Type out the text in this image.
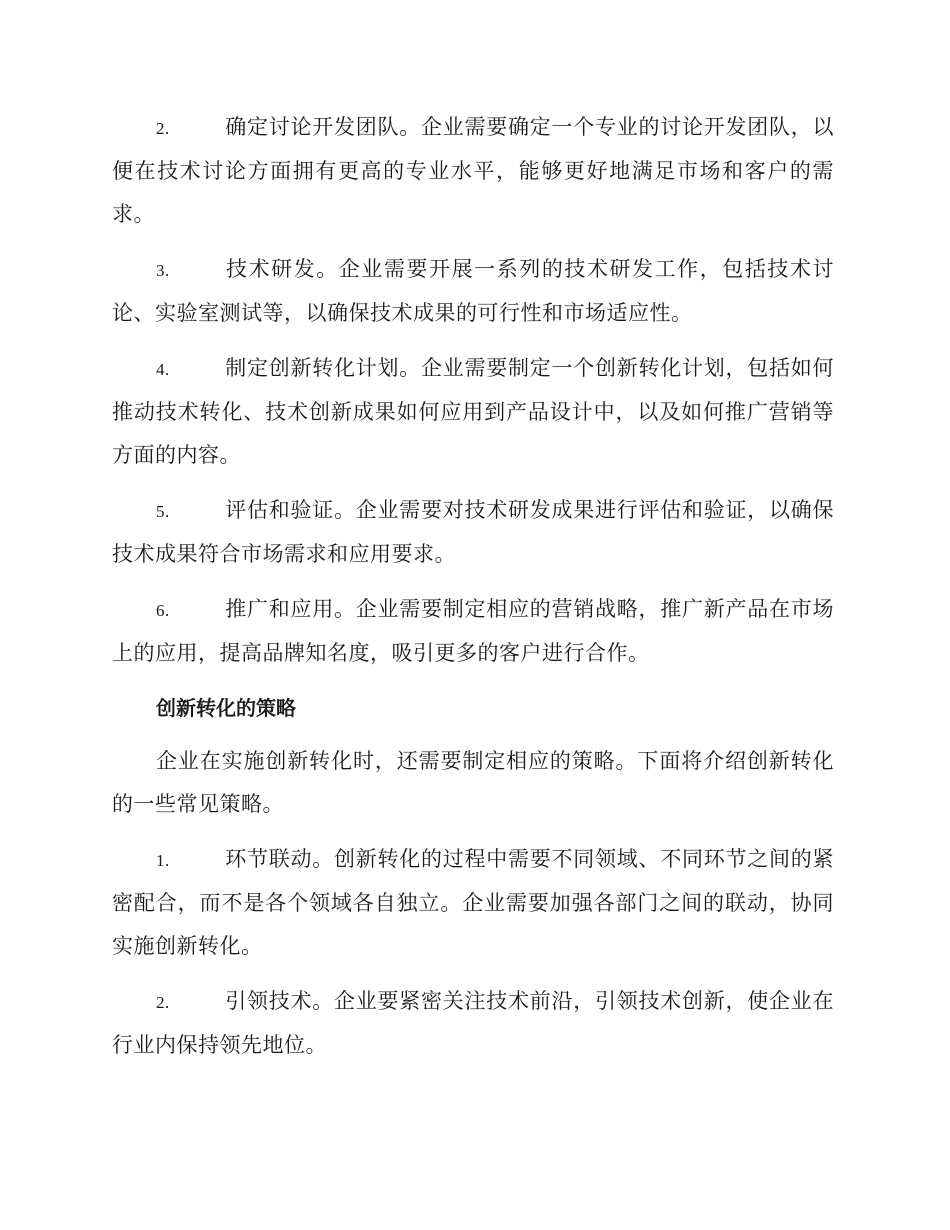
2.	确定讨论开发团队。企业需要确定一个专业的讨论开发团队，以便在技术讨论方面拥有更高的专业水平，能够更好地满足市场和客户的需求。

3.	技术研发。企业需要开展一系列的技术研发工作，包括技术讨论、实验室测试等，以确保技术成果的可行性和市场适应性。

4.	制定创新转化计划。企业需要制定一个创新转化计划，包括如何推动技术转化、技术创新成果如何应用到产品设计中，以及如何推广营销等方面的内容。

5.	评估和验证。企业需要对技术研发成果进行评估和验证，以确保技术成果符合市场需求和应用要求。

6.	推广和应用。企业需要制定相应的营销战略，推广新产品在市场上的应用，提高品牌知名度，吸引更多的客户进行合作。

创新转化的策略

企业在实施创新转化时，还需要制定相应的策略。下面将介绍创新转化的一些常见策略。

1.	环节联动。创新转化的过程中需要不同领域、不同环节之间的紧密配合，而不是各个领域各自独立。企业需要加强各部门之间的联动，协同实施创新转化。

2.	引领技术。企业要紧密关注技术前沿，引领技术创新，使企业在行业内保持领先地位。
